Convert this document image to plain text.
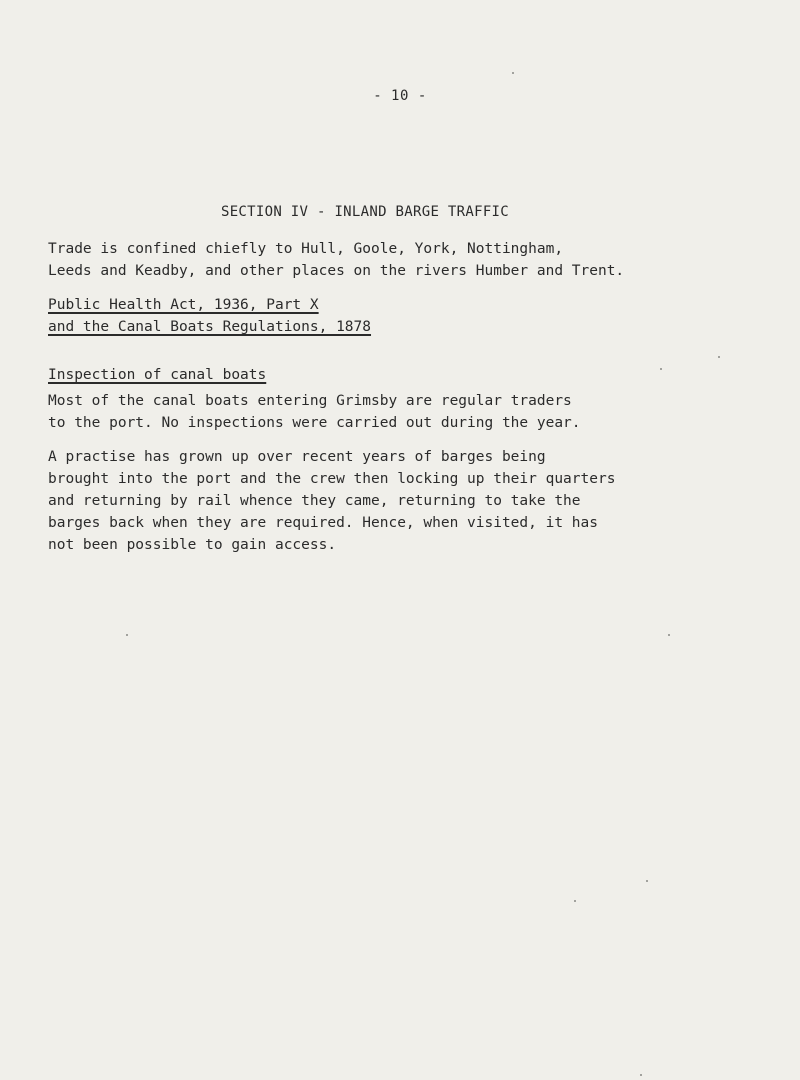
- 10 -
SECTION IV - INLAND BARGE TRAFFIC
Trade is confined chiefly to Hull, Goole, York, Nottingham,
Leeds and Keadby, and other places on the rivers Humber and Trent.
Public Health Act, 1936, Part X
and the Canal Boats Regulations, 1878
Inspection of canal boats
Most of the canal boats entering Grimsby are regular traders
to the port. No inspections were carried out during the year.
A practise has grown up over recent years of barges being
brought into the port and the crew then locking up their quarters
and returning by rail whence they came, returning to take the
barges back when they are required. Hence, when visited, it has
not been possible to gain access.
